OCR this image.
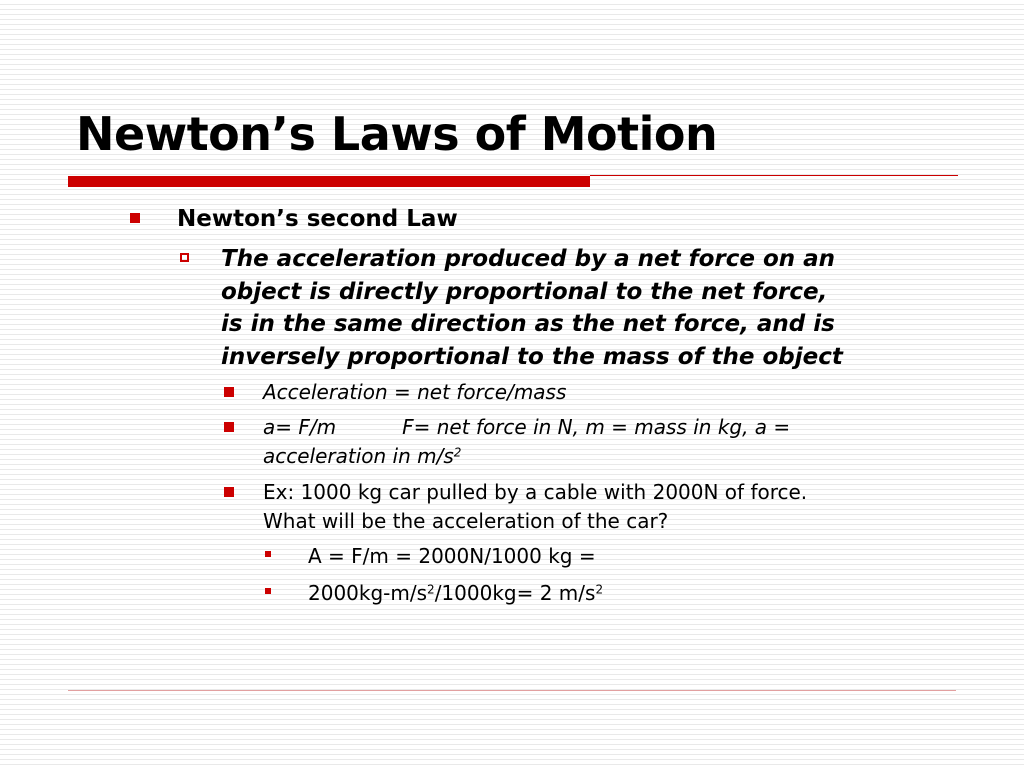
Newton’s Laws of Motion
Newton’s second Law
The acceleration produced by a net force on an
object is directly proportional to the net force,
is in the same direction as the net force, and is
inversely proportional to the mass of the object
Acceleration = net force/mass
a= F/m	F= net force in N, m = mass in kg, a =
acceleration in $m/s^2$
Ex: 1000 kg car pulled by a cable with 2000N of force.
What will be the acceleration of the car?
A = F/m = 2000N/1000 kg =
$2000kg-m/s^2/1000kg= 2$ $m/s^2$
